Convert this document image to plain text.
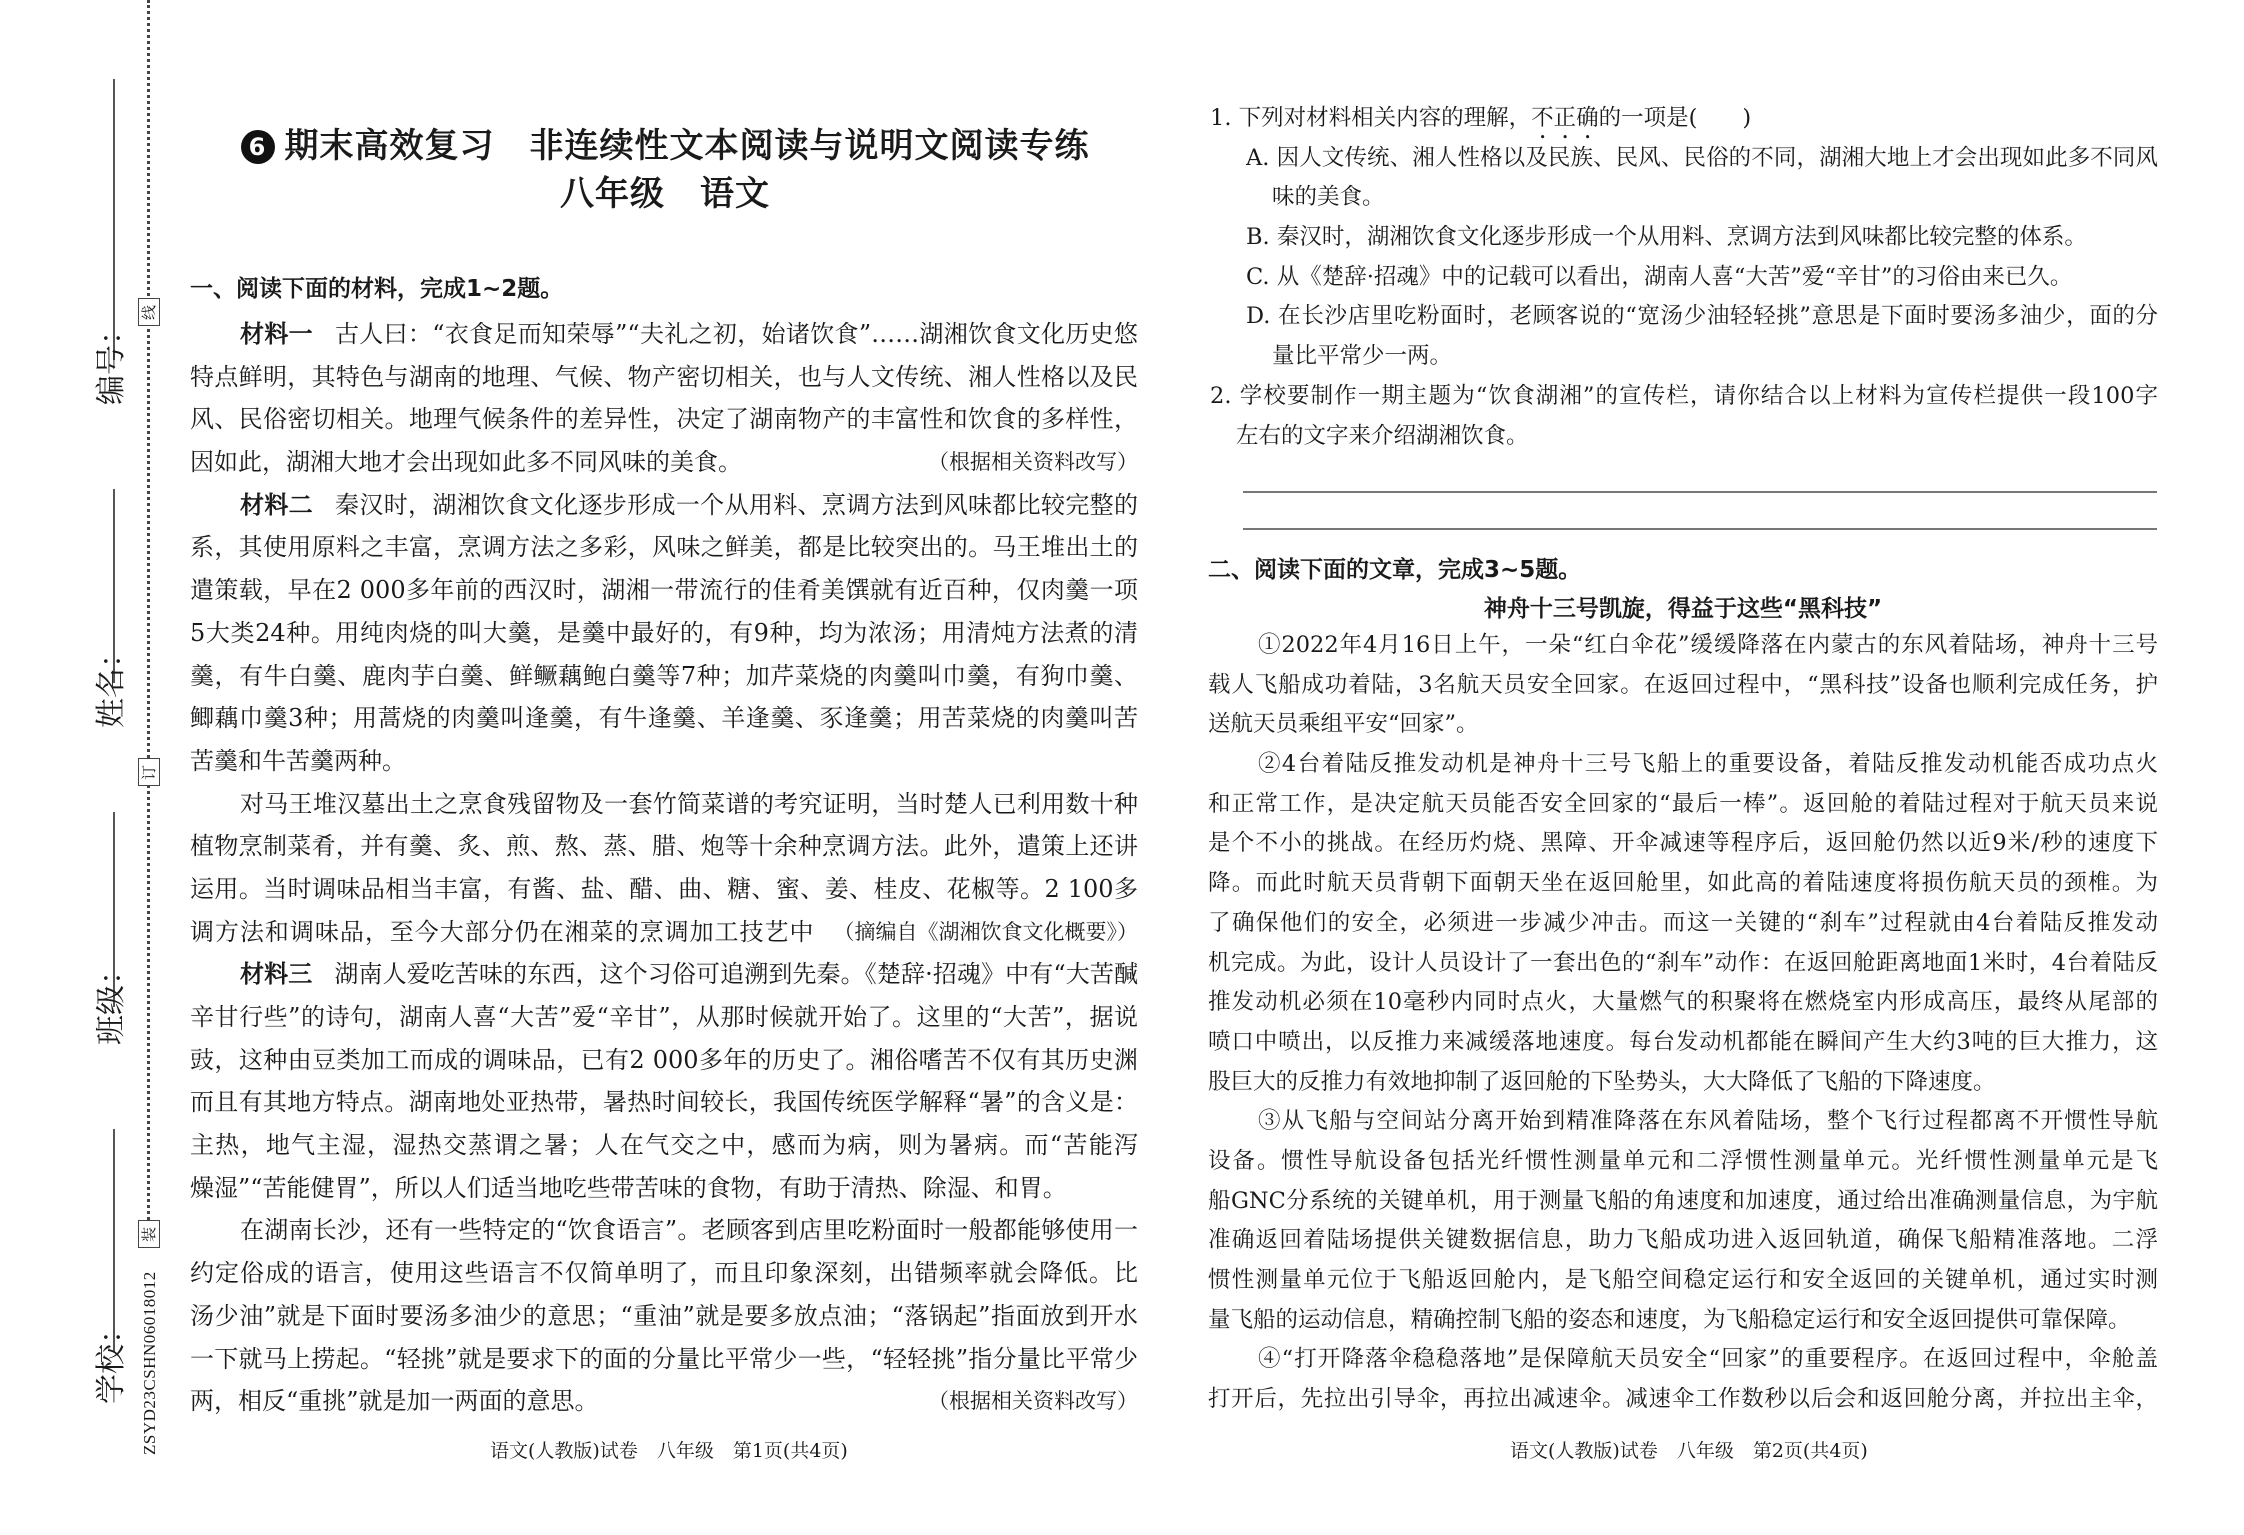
线
订
装
编号：
姓名：
班级：
学校： ZSYD23CSHN06018012
6 期末高效复习　非连续性文本阅读与说明文阅读专练
八年级　语文
一、阅读下面的材料，完成1~2题。
材料一 古人曰：“衣食足而知荣辱”“夫礼之初，始诸饮食”……湖湘饮食文化历史悠
特点鲜明，其特色与湖南的地理、气候、物产密切相关，也与人文传统、湘人性格以及民
风、民俗密切相关。地理气候条件的差异性，决定了湖南物产的丰富性和饮食的多样性，
因如此，湖湘大地才会出现如此多不同风味的美食。	（根据相关资料改写）
材料二 秦汉时，湖湘饮食文化逐步形成一个从用料、烹调方法到风味都比较完整的
系，其使用原料之丰富，烹调方法之多彩，风味之鲜美，都是比较突出的。马王堆出土的
遣策载，早在2 000多年前的西汉时，湖湘一带流行的佳肴美馔就有近百种，仅肉羹一项
5大类24种。用纯肉烧的叫大羹，是羹中最好的，有9种，均为浓汤；用清炖方法煮的清
羹，有牛白羹、鹿肉芋白羹、鲜鳜藕鲍白羹等7种；加芹菜烧的肉羹叫巾羹，有狗巾羹、
鲫藕巾羹3种；用蒿烧的肉羹叫逢羹，有牛逢羹、羊逢羹、豕逢羹；用苦菜烧的肉羹叫苦
苦羹和牛苦羹两种。
对马王堆汉墓出土之烹食残留物及一套竹简菜谱的考究证明，当时楚人已利用数十种
植物烹制菜肴，并有羹、炙、煎、熬、蒸、腊、炮等十余种烹调方法。此外，遣策上还讲
运用。当时调味品相当丰富，有酱、盐、醋、曲、糖、蜜、姜、桂皮、花椒等。2 100多
调方法和调味品，至今大部分仍在湘菜的烹调加工技艺中 （摘编自《湖湘饮食文化概要》）
材料三 湖南人爱吃苦味的东西，这个习俗可追溯到先秦。《楚辞·招魂》中有“大苦醎
辛甘行些”的诗句，湖南人喜“大苦”爱“辛甘”，从那时候就开始了。这里的“大苦”，据说
豉，这种由豆类加工而成的调味品，已有2 000多年的历史了。湘俗嗜苦不仅有其历史渊
而且有其地方特点。湖南地处亚热带，暑热时间较长，我国传统医学解释“暑”的含义是：
主热，地气主湿，湿热交蒸谓之暑；人在气交之中，感而为病，则为暑病。而“苦能泻
燥湿”“苦能健胃”，所以人们适当地吃些带苦味的食物，有助于清热、除湿、和胃。
在湖南长沙，还有一些特定的“饮食语言”。老顾客到店里吃粉面时一般都能够使用一
约定俗成的语言，使用这些语言不仅简单明了，而且印象深刻，出错频率就会降低。比
汤少油”就是下面时要汤多油少的意思；“重油”就是要多放点油；“落锅起”指面放到开水
一下就马上捞起。“轻挑”就是要求下的面的分量比平常少一些，“轻轻挑”指分量比平常少
两，相反“重挑”就是加一两面的意思。	（根据相关资料改写）
语文(人教版)试卷　八年级　第1页(共4页)
1. 下列对材料相关内容的理解，不正确的一项是(　　)
A. 因人文传统、湘人性格以及民族、民风、民俗的不同，湖湘大地上才会出现如此多不同风
味的美食。
B. 秦汉时，湖湘饮食文化逐步形成一个从用料、烹调方法到风味都比较完整的体系。
C. 从《楚辞·招魂》中的记载可以看出，湖南人喜“大苦”爱“辛甘”的习俗由来已久。
D. 在长沙店里吃粉面时，老顾客说的“宽汤少油轻轻挑”意思是下面时要汤多油少，面的分
量比平常少一两。
2. 学校要制作一期主题为“饮食湖湘”的宣传栏，请你结合以上材料为宣传栏提供一段100字
左右的文字来介绍湖湘饮食。
二、阅读下面的文章，完成3~5题。
神舟十三号凯旋，得益于这些“黑科技”
①2022年4月16日上午，一朵“红白伞花”缓缓降落在内蒙古的东风着陆场，神舟十三号
载人飞船成功着陆，3名航天员安全回家。在返回过程中，“黑科技”设备也顺利完成任务，护
送航天员乘组平安“回家”。
②4台着陆反推发动机是神舟十三号飞船上的重要设备，着陆反推发动机能否成功点火
和正常工作，是决定航天员能否安全回家的“最后一棒”。返回舱的着陆过程对于航天员来说
是个不小的挑战。在经历灼烧、黑障、开伞减速等程序后，返回舱仍然以近9米/秒的速度下
降。而此时航天员背朝下面朝天坐在返回舱里，如此高的着陆速度将损伤航天员的颈椎。为
了确保他们的安全，必须进一步减少冲击。而这一关键的“刹车”过程就由4台着陆反推发动
机完成。为此，设计人员设计了一套出色的“刹车”动作：在返回舱距离地面1米时，4台着陆反
推发动机必须在10毫秒内同时点火，大量燃气的积聚将在燃烧室内形成高压，最终从尾部的
喷口中喷出，以反推力来减缓落地速度。每台发动机都能在瞬间产生大约3吨的巨大推力，这
股巨大的反推力有效地抑制了返回舱的下坠势头，大大降低了飞船的下降速度。
③从飞船与空间站分离开始到精准降落在东风着陆场，整个飞行过程都离不开惯性导航
设备。惯性导航设备包括光纤惯性测量单元和二浮惯性测量单元。光纤惯性测量单元是飞
船GNC分系统的关键单机，用于测量飞船的角速度和加速度，通过给出准确测量信息，为宇航
准确返回着陆场提供关键数据信息，助力飞船成功进入返回轨道，确保飞船精准落地。二浮
惯性测量单元位于飞船返回舱内，是飞船空间稳定运行和安全返回的关键单机，通过实时测
量飞船的运动信息，精确控制飞船的姿态和速度，为飞船稳定运行和安全返回提供可靠保障。
④“打开降落伞稳稳落地”是保障航天员安全“回家”的重要程序。在返回过程中，伞舱盖
打开后，先拉出引导伞，再拉出减速伞。减速伞工作数秒以后会和返回舱分离，并拉出主伞，
语文(人教版)试卷　八年级　第2页(共4页)
